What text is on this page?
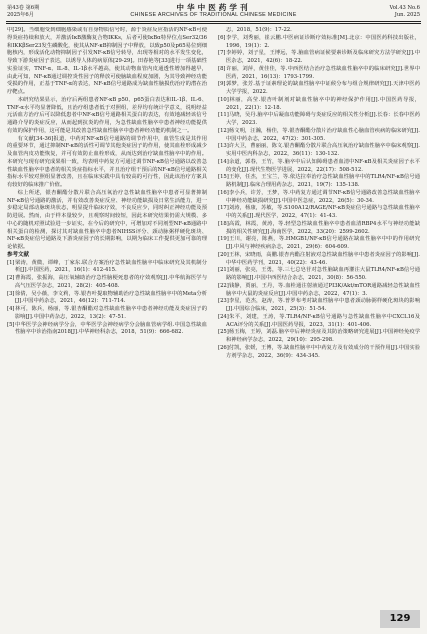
第43卷 第6期
2025年6月
中华中医药学刊
CHINESE ARCHIVES OF TRADITIONAL CHINESE MEDICINE
Vol.43 No.6
Jun. 2025

中[29]。当细胞受到细胞感染或有自身物质信号时，源于炎症反应指活的NF-κB可使得炎症持续和放大，并激活IκB激酶复合物IKKs，后者可使IκBα特异位点Ser32/36和IKKβSer23发生磷酸化，使其从NF-κB抑制因子中释放，以致p50及p65易位到细胞核内，形成活化动物抑制因子引发NF-κB信号转导，出现等相对的水平发生变化，导致下游炎症因子表达，以诱导人体的病原体[29-29]。田春艳等[33]进行一项基础性实验证实，TNF-α、IL-8、IL-1β水平越高，使其动物血管内皮通透性增加得越早，由此可知，NF-κB通过调控炎性因子的释放可使脑缺血程度加剧，为其导致神经功能受损的作用，正基于TNF-α的表达，NF-κB信号通路成为缺血性脑损伤治疗的潜在治疗靶点。

本研究结果显示，治疗后两组患者NF-κB p50、p65蛋白表达和IL-1β、IL-6、TNF-α水平均显著降低，且治疗组患者低于对照组，差异均有统计学意义，说明经益元活血方治疗后可以降低患者中NF-κB信号通路相关蛋白的表达，有效地减轻该信号通路介导的炎症反应，从而起到抗炎的作用，为急性缺血性脑卒中患者神经功能提供有效的保护作用，这可能是其改善急性缺血性脑卒中患者神经功能的机制之一。

有文献[34-36]报道，中药对NF-κB信号通路的调节作用中，血管生成是其作用的重要环节，通过抑制NF-κB的活性可调节其他炎症因子的作用，使其血栓形成减少及血管内皮功能恢复，并可有效防止血栓形成，从而达到治疗缺血性脑卒中的作用。本研究与现有研究成果相一致，均表明中药复方可通过调节NF-κB信号通路以改善急性缺血性脑卒中患者的相关炎症指标水平，并且治疗组干预后的NF-κB信号通路相关指标水平较对照组显著改善，且在临床实践中具有较高的可行性，因此该治疗方案具有较好的临床推广价值。

综上所述，银杏酮酯分散片联合高压氧治疗急性缺血性脑卒中患者可显著抑制NF-κB信号通路的激活，并有效改善炎症反应、神经功能缺损及日常生活能力，进一步稳定局部动脉斑块状态，明显提升临床疗效，不良反应少，同时纠正神经功能及预防进展。然而，由于样本量较少，且观察时间较短，因此本研究结果仍需大规模、多中心的随机对照试验进一步证实。在今后的研究中，可增加对不同剂型NF-κB通路中相关蛋白的检测，探讨其对缺血性脑卒中患者NIHSS评分、颈动脉粥样硬化斑块、NF-κB炎症信号通路及下游炎症因子的长期影响，以期为临床工作提供更加可靠的理论依据。

参考文献

[1]梁涛，黄微，谭峰，丁家东.联合方案治疗急性缺血性脑卒中临床研究及其机制分析[J].中国医药，2021，16(1)：412-415.

[2]曹海霞，张振海，高压氧辅助治疗急性脑梗死患者的疗效观察[J].中华航海医学与高气压医学杂志，2021，28(2)：405-408.

[3]徐倩，吴小薇，李文莉，等.银杏叶提取物辅助治疗急性缺血性脑卒中的Meta分析[J].中国中药杂志，2021，46(12)：711-714.

[4]林可，陈兵，杨丽，等.银杏酮酯对急性缺血性脑卒中患者神经功能及炎症因子的影响[J].中国中药杂志，2022，13(2)：47-51.

[5]中华医学会神经病学分会，中华医学会神经病学分会脑血管病学组.中国急性缺血性脑卒中诊治指南2018[J].中华神经科杂志，2018，51(9)：666-682.

志，2018，51(9)：17-22.

[6]李学，刘秀丽，崔云鹏.中医病证诊断疗效标准[M].北京：中国医药科技出版社，1996，19(1)：2.

[7]李婷婷，刘子星，王博远，等.脑血管病证候要素诊断及临床研究方法学研究[J].中医杂志，2021，42(6)：18-22.

[8]许丽，刘萍，黄佳佳，等.中西医结合治疗急性缺血性脑卒中的临床研究[J].世界中医药，2021，16(13)：1793-1799.

[9]郭梦，张芳.基于证素理论的缺血性脑卒中证候分布与组合规律研究[J].天津中医药大学学报，2022.

[10]林丽，高莹.银杏叶制剂对缺血性脑卒中的神经保护作用[J].中国医药导报，2021，22(1)：12-18.

[11]马晓，吴丹.脑卒中后凝血功能障碍与炎症反应的相关性分析[J].长春：长春中医药大学，2023.

[12]杨文明，汪瀚，杨佳，等.银杏酮酯分散片治疗缺血性心脑血管疾病的临床研究[J].中国中药杂志，2022，47(2)：301-305.

[13]许大卫，曹丽丽，陈文.银杏酮酯分散片联合高压氧治疗缺血性脑卒中临床观察[J].实用中医内科杂志，2022，36(11)：130-132.

[14]余道，郭春，王竹，等.脑卒中后认知障碍患者血清中NF-κB及相关炎症因子水平的变化[J].现代生物医学进展，2022，22(17)：508-512.

[15]王婷，任杰，王宝兰，等.依达拉奉治疗急性缺血性脑卒中的TLR4/NF-κB信号通路机制[J].临床合理用药杂志，2021，19(7)：135-138.

[16]李小兵，许芳，王梦，等.中药复方通过调节NF-κB信号通路改善急性缺血性脑卒中神经功能缺损研究[J].中国中医急症，2022，26(5)：30-34.

[17]刘涛，杨康，苏敏，等.S100A12/RAGE/NF-κB炎症信号通路与急性缺血性脑卒中的关系[J].现代医学，2022，47(1)：41-43.

[18]高霞，林霞，黄涛，等.轻型急性缺血性脑卒中患者血清RBP4水平与神经功能缺损的相关性研究[J].海南医学，2022，33(20)：2599-2602.

[19]王川，谢亮，陈燕，等.HMGB1/NF-κB信号通路在缺血性脑卒中中的作用研究[J].中风与神经疾病杂志，2021，29(6)：604-609.

[20]王林，宋晓雨，高鹏.银杏内酯注射液对急性缺血性脑卒中患者炎症因子的影响[J].中华中医药学刊，2021，40(22)：43-46.

[21]刘丽，张亮，王勇，等.三七总皂苷对急性脑缺血再灌注大鼠TLR4/NF-κB信号通路的影响[J].中国中西医结合杂志，2021，30(8)：56-550.

[22]钱静，贾丽，王丹，等.血栓通注射液通过PI3K/Akt/mTOR通路减轻急性缺血性脑卒中大鼠的炎症反应[J].中国中药杂志，2022，47(1)：3.

[23]李星，范杰，赵涛，等.普罗布考对缺血性脑卒中患者颈动脉粥样硬化斑块的影响[J].中国综合临床，2021，25(3)：51-54.

[24]朱平，刘建，王涛，等.TLR4/NF-κB信号通路与急性缺血性脑卒中CXCL16及ACA评分的关系[J].中国医药导报，2023，31(1)：401-406.

[25]杨玉梅，王婷，刘磊.脑卒中后神经炎症及其防治策略研究进展[J].中国神经免疫学和神经病学杂志，2022，29(10)：295-298.

[26]付凯，张媛，王博，等.缺血性脑卒中中药复方及有效成分的干预作用[J].中国实验方剂学杂志，2022，36(9)：434-345.

129
